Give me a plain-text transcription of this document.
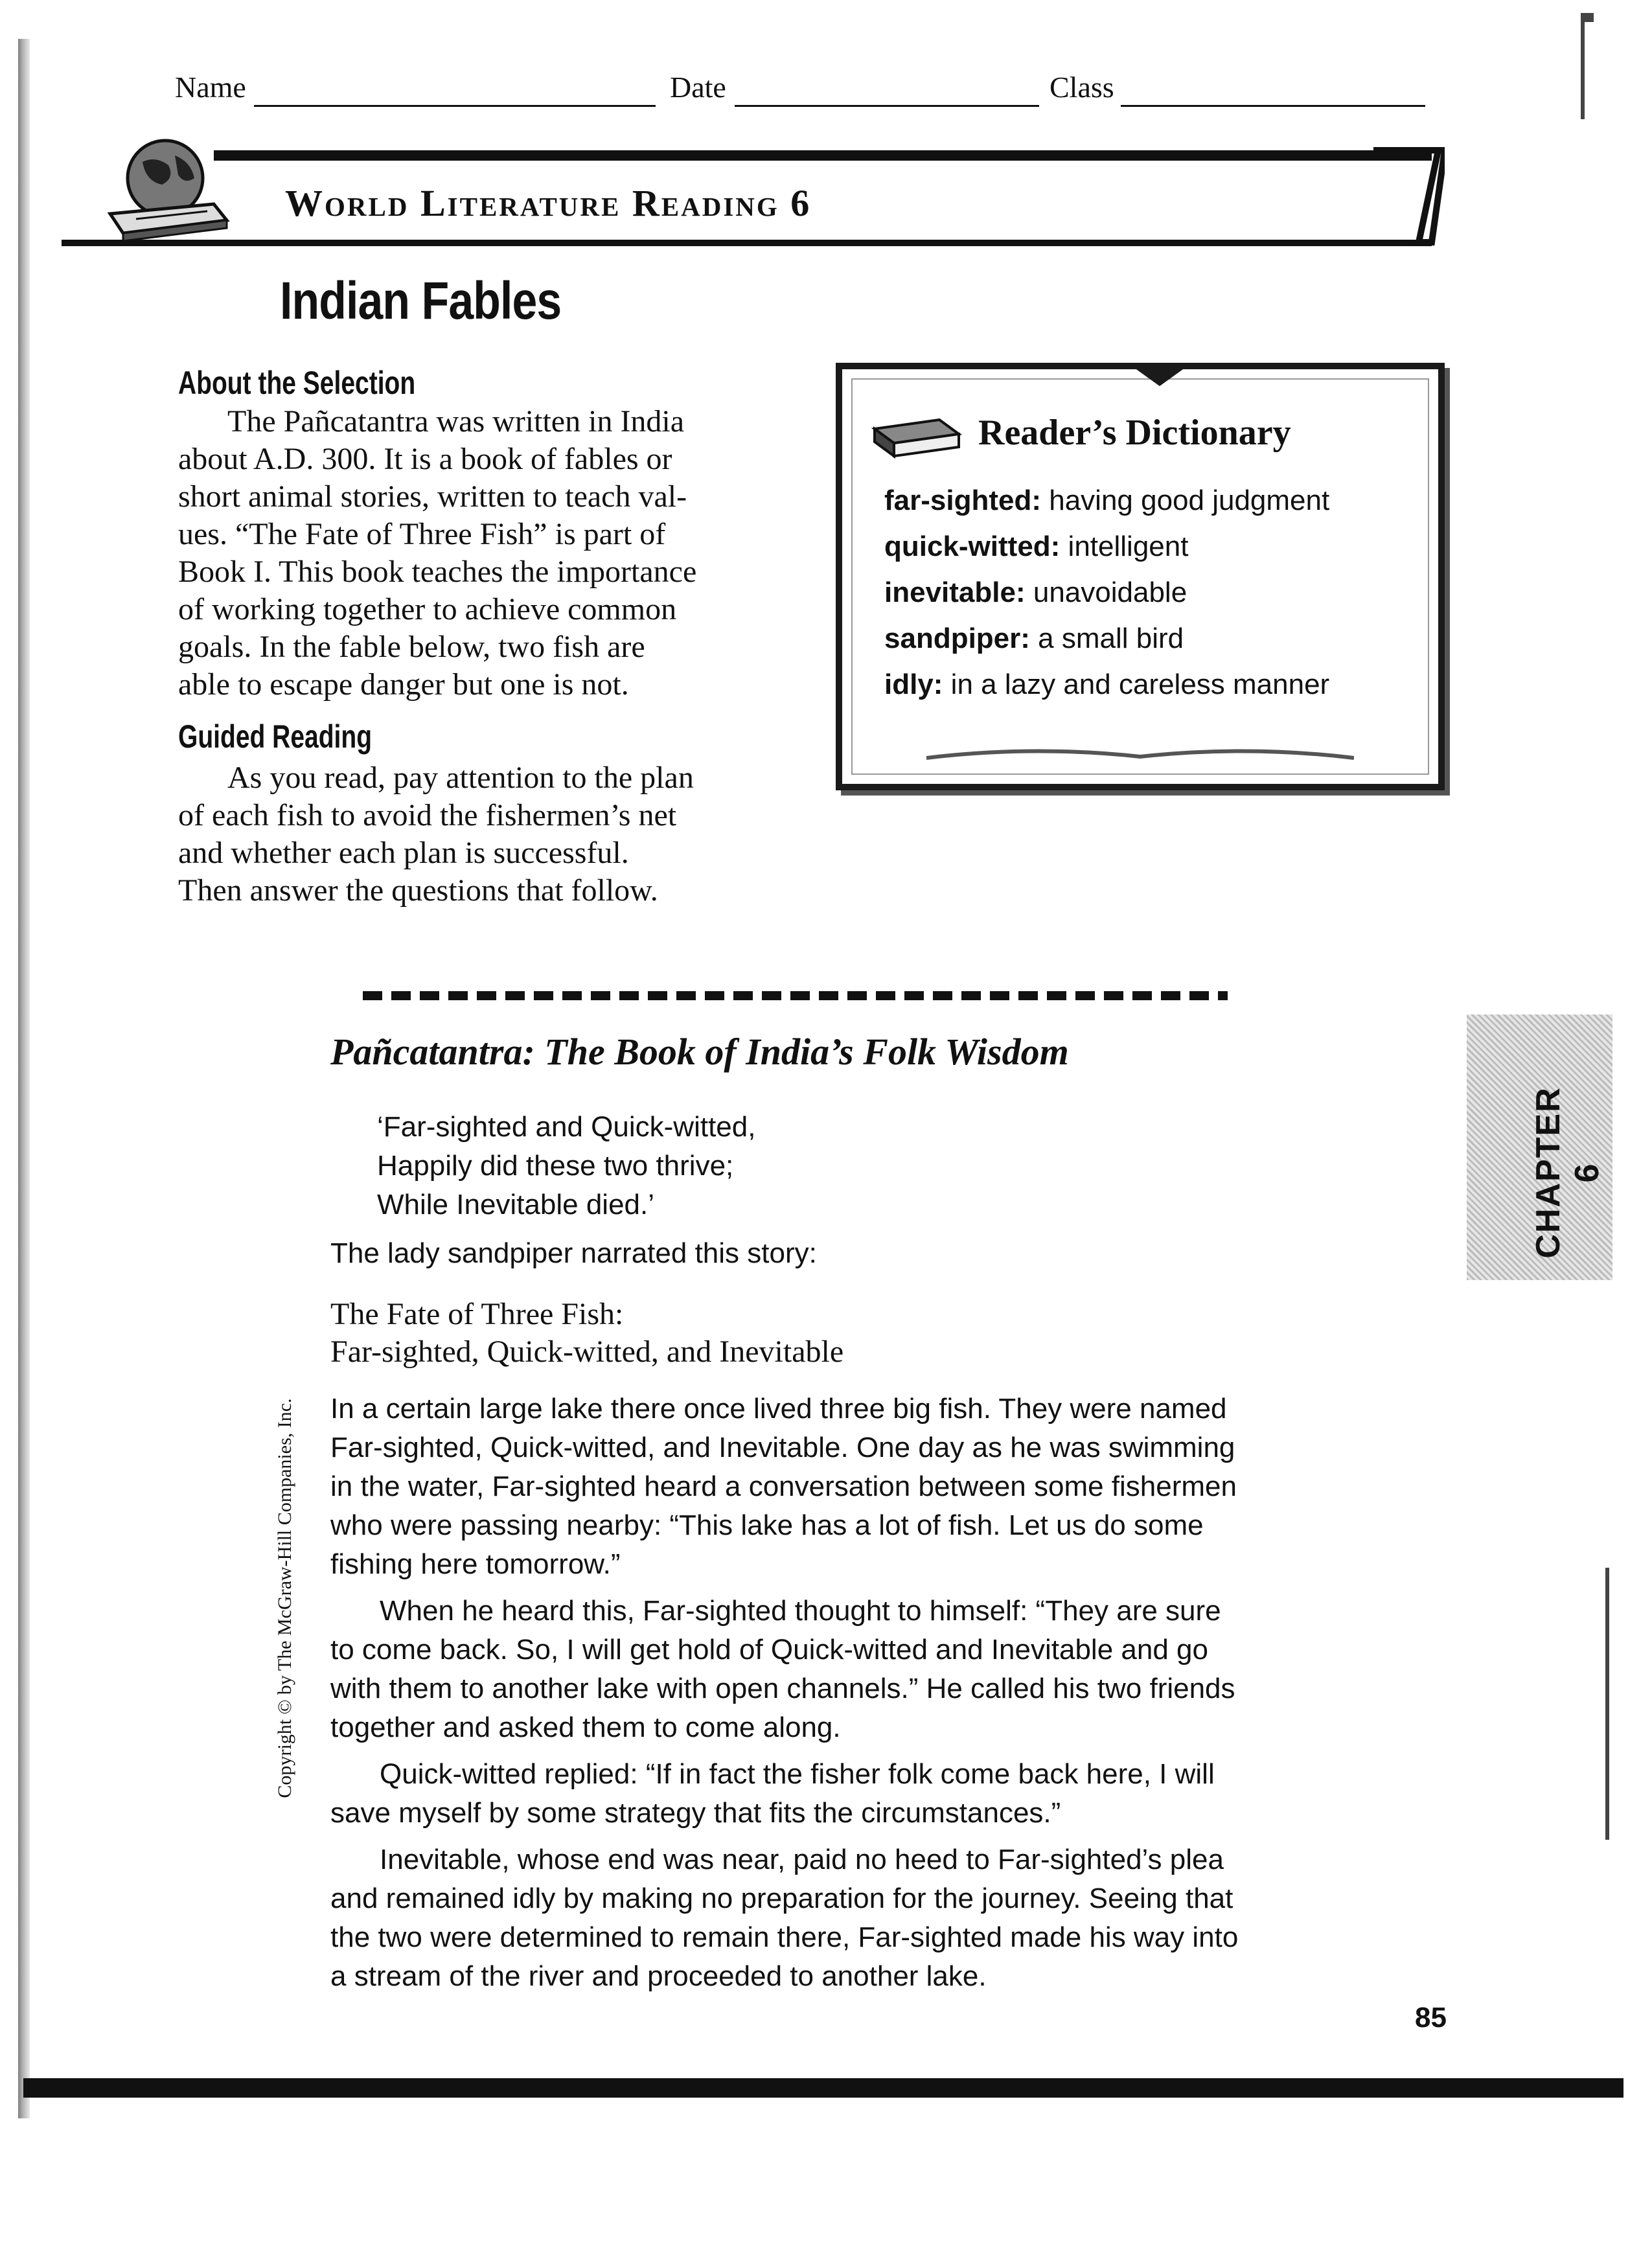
Name	Date	Class
World Literature Reading 6
Indian Fables
About the Selection
The Pañcatantra was written in India
about A.D. 300. It is a book of fables or
short animal stories, written to teach val-
ues. “The Fate of Three Fish” is part of
Book I. This book teaches the importance
of working together to achieve common
goals. In the fable below, two fish are
able to escape danger but one is not.
Guided Reading
As you read, pay attention to the plan
of each fish to avoid the fishermen’s net
and whether each plan is successful.
Then answer the questions that follow.
Reader’s Dictionary
far-sighted: having good judgment
quick-witted: intelligent
inevitable: unavoidable
sandpiper: a small bird
idly: in a lazy and careless manner
Pañcatantra: The Book of India’s Folk Wisdom
‘Far-sighted and Quick-witted,
Happily did these two thrive;
While Inevitable died.’
The lady sandpiper narrated this story:
The Fate of Three Fish:
Far-sighted, Quick-witted, and Inevitable
In a certain large lake there once lived three big fish. They were named
Far-sighted, Quick-witted, and Inevitable. One day as he was swimming
in the water, Far-sighted heard a conversation between some fishermen
who were passing nearby: “This lake has a lot of fish. Let us do some
fishing here tomorrow.”
When he heard this, Far-sighted thought to himself: “They are sure
to come back. So, I will get hold of Quick-witted and Inevitable and go
with them to another lake with open channels.” He called his two friends
together and asked them to come along.
Quick-witted replied: “If in fact the fisher folk come back here, I will
save myself by some strategy that fits the circumstances.”
Inevitable, whose end was near, paid no heed to Far-sighted’s plea
and remained idly by making no preparation for the journey. Seeing that
the two were determined to remain there, Far-sighted made his way into
a stream of the river and proceeded to another lake.
CHAPTER 6
Copyright © by The McGraw-Hill Companies, Inc.
85
